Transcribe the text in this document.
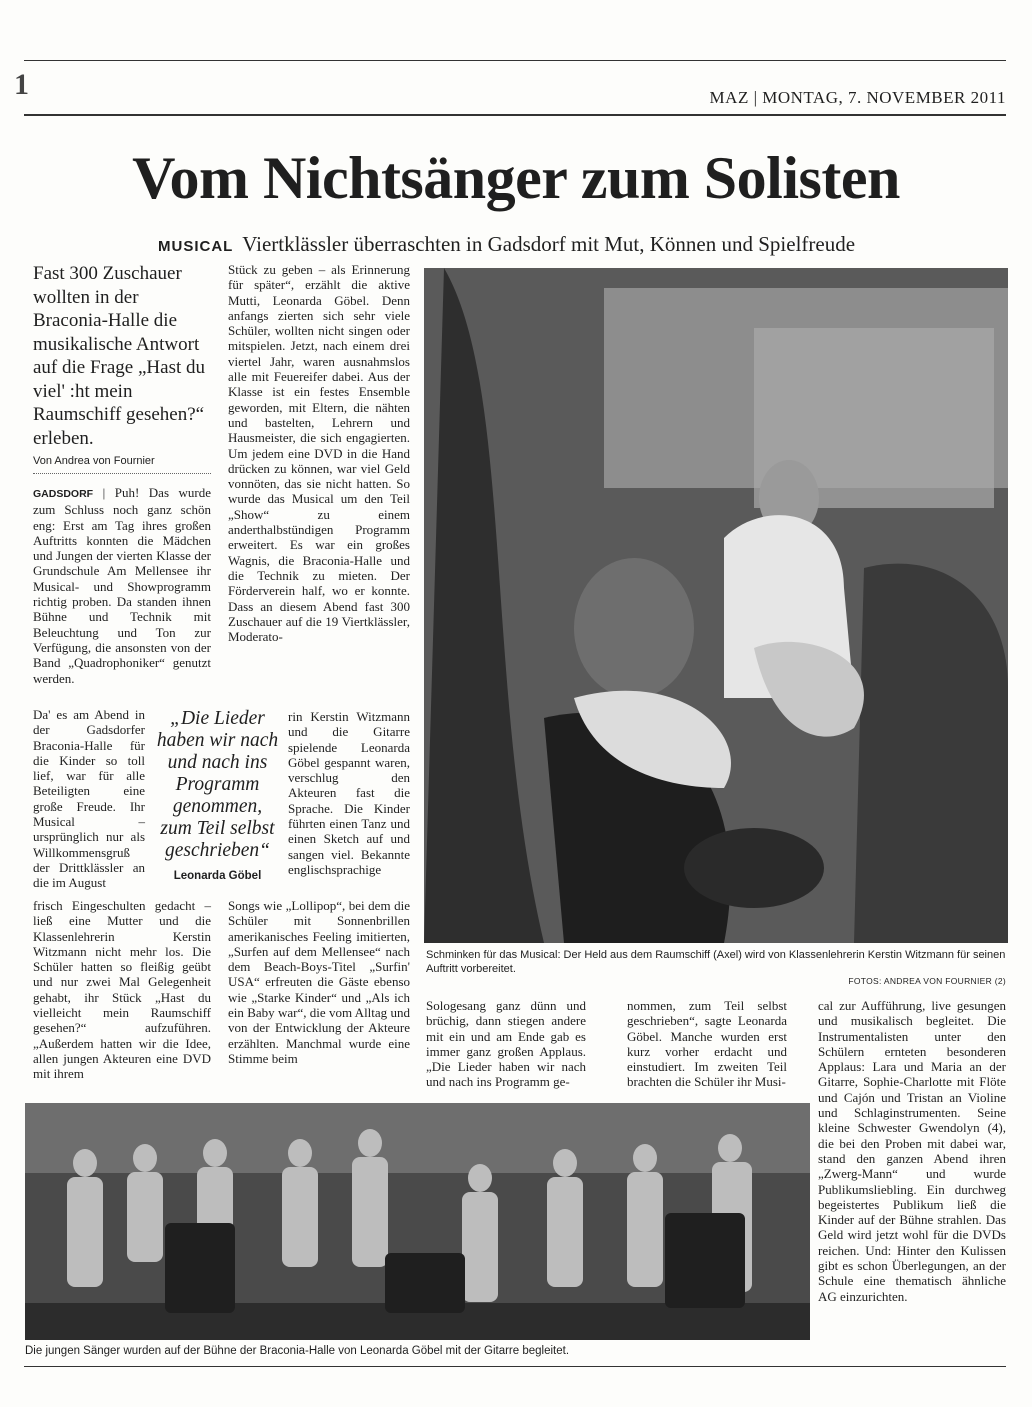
1	MAZ | MONTAG, 7. NOVEMBER 2011
Vom Nichtsänger zum Solisten
MUSICAL Viertklässler überraschten in Gadsdorf mit Mut, Können und Spielfreude
Fast 300 Zuschauer wollten in der Braconia-Halle die musikalische Antwort auf die Frage „Hast du viel' :ht mein Raumschiff gesehen?“ erleben.
Von Andrea von Fournier

GADSDORF | Puh! Das wurde zum Schluss noch ganz schön eng: Erst am Tag ihres großen Auftritts konnten die Mädchen und Jungen der vierten Klasse der Grundschule Am Mellensee ihr Musical- und Showprogramm richtig proben. Da standen ihnen Bühne und Technik mit Beleuchtung und Ton zur Verfügung, die ansonsten von der Band „Quadrophoniker“ genutzt werden.

Da' es am Abend in der Gadsdorfer Braconia-Halle für die Kinder so toll lief, war für alle Beteiligten eine große Freude. Ihr Musical – ursprünglich nur als Willkommensgruß der Drittklässler an die im August

frisch Eingeschulten gedacht – ließ eine Mutter und die Klassenlehrerin Kerstin Witzmann nicht mehr los. Die Schüler hatten so fleißig geübt und nur zwei Mal Gelegenheit gehabt, ihr Stück „Hast du vielleicht mein Raumschiff gesehen?“ aufzuführen. „Außerdem hatten wir die Idee, allen jungen Akteuren eine DVD mit ihrem

„Die Lieder haben wir nach und nach ins Programm genommen, zum Teil selbst geschrieben“
Leonarda Göbel

Stück zu geben – als Erinnerung für später“, erzählt die aktive Mutti, Leonarda Göbel. Denn anfangs zierten sich sehr viele Schüler, wollten nicht singen oder mitspielen. Jetzt, nach einem drei viertel Jahr, waren ausnahmslos alle mit Feuereifer dabei. Aus der Klasse ist ein festes Ensemble geworden, mit Eltern, die nähten und bastelten, Lehrern und Hausmeister, die sich engagierten. Um jedem eine DVD in die Hand drücken zu können, war viel Geld vonnöten, das sie nicht hatten. So wurde das Musical um den Teil „Show“ zu einem anderthalbstündigen Programm erweitert. Es war ein großes Wagnis, die Braconia-Halle und die Technik zu mieten. Der Förderverein half, wo er konnte. Dass an diesem Abend fast 300 Zuschauer auf die 19 Viertklässler, Moderato-

rin Kerstin Witzmann und die Gitarre spielende Leonarda Göbel gespannt waren, verschlug den Akteuren fast die Sprache. Die Kinder führten einen Tanz und einen Sketch auf und sangen viel. Bekannte englischsprachige

Songs wie „Lollipop“, bei dem die Schüler mit Sonnenbrillen amerikanisches Feeling imitierten, „Surfen auf dem Mellensee“ nach dem Beach-Boys-Titel „Surfin' USA“ erfreuten die Gäste ebenso wie „Starke Kinder“ und „Als ich ein Baby war“, die vom Alltag und von der Entwicklung der Akteure erzählten. Manchmal wurde eine Stimme beim

Schminken für das Musical: Der Held aus dem Raumschiff (Axel) wird von Klassenlehrerin Kerstin Witzmann für seinen Auftritt vorbereitet.
FOTOS: ANDREA VON FOURNIER (2)

Sologesang ganz dünn und brüchig, dann stiegen andere mit ein und am Ende gab es immer ganz großen Applaus. „Die Lieder haben wir nach und nach ins Programm ge-

nommen, zum Teil selbst geschrieben“, sagte Leonarda Göbel. Manche wurden erst kurz vorher erdacht und einstudiert. Im zweiten Teil brachten die Schüler ihr Musi-

cal zur Aufführung, live gesungen und musikalisch begleitet. Die Instrumentalisten unter den Schülern ernteten besonderen Applaus: Lara und Maria an der Gitarre, Sophie-Charlotte mit Flöte und Cajón und Tristan an Violine und Schlaginstrumenten. Seine kleine Schwester Gwendolyn (4), die bei den Proben mit dabei war, stand den ganzen Abend ihren „Zwerg-Mann“ und wurde Publikumsliebling. Ein durchweg begeistertes Publikum ließ die Kinder auf der Bühne strahlen. Das Geld wird jetzt wohl für die DVDs reichen. Und: Hinter den Kulissen gibt es schon Überlegungen, an der Schule eine thematisch ähnliche AG einzurichten.

Die jungen Sänger wurden auf der Bühne der Braconia-Halle von Leonarda Göbel mit der Gitarre begleitet.
